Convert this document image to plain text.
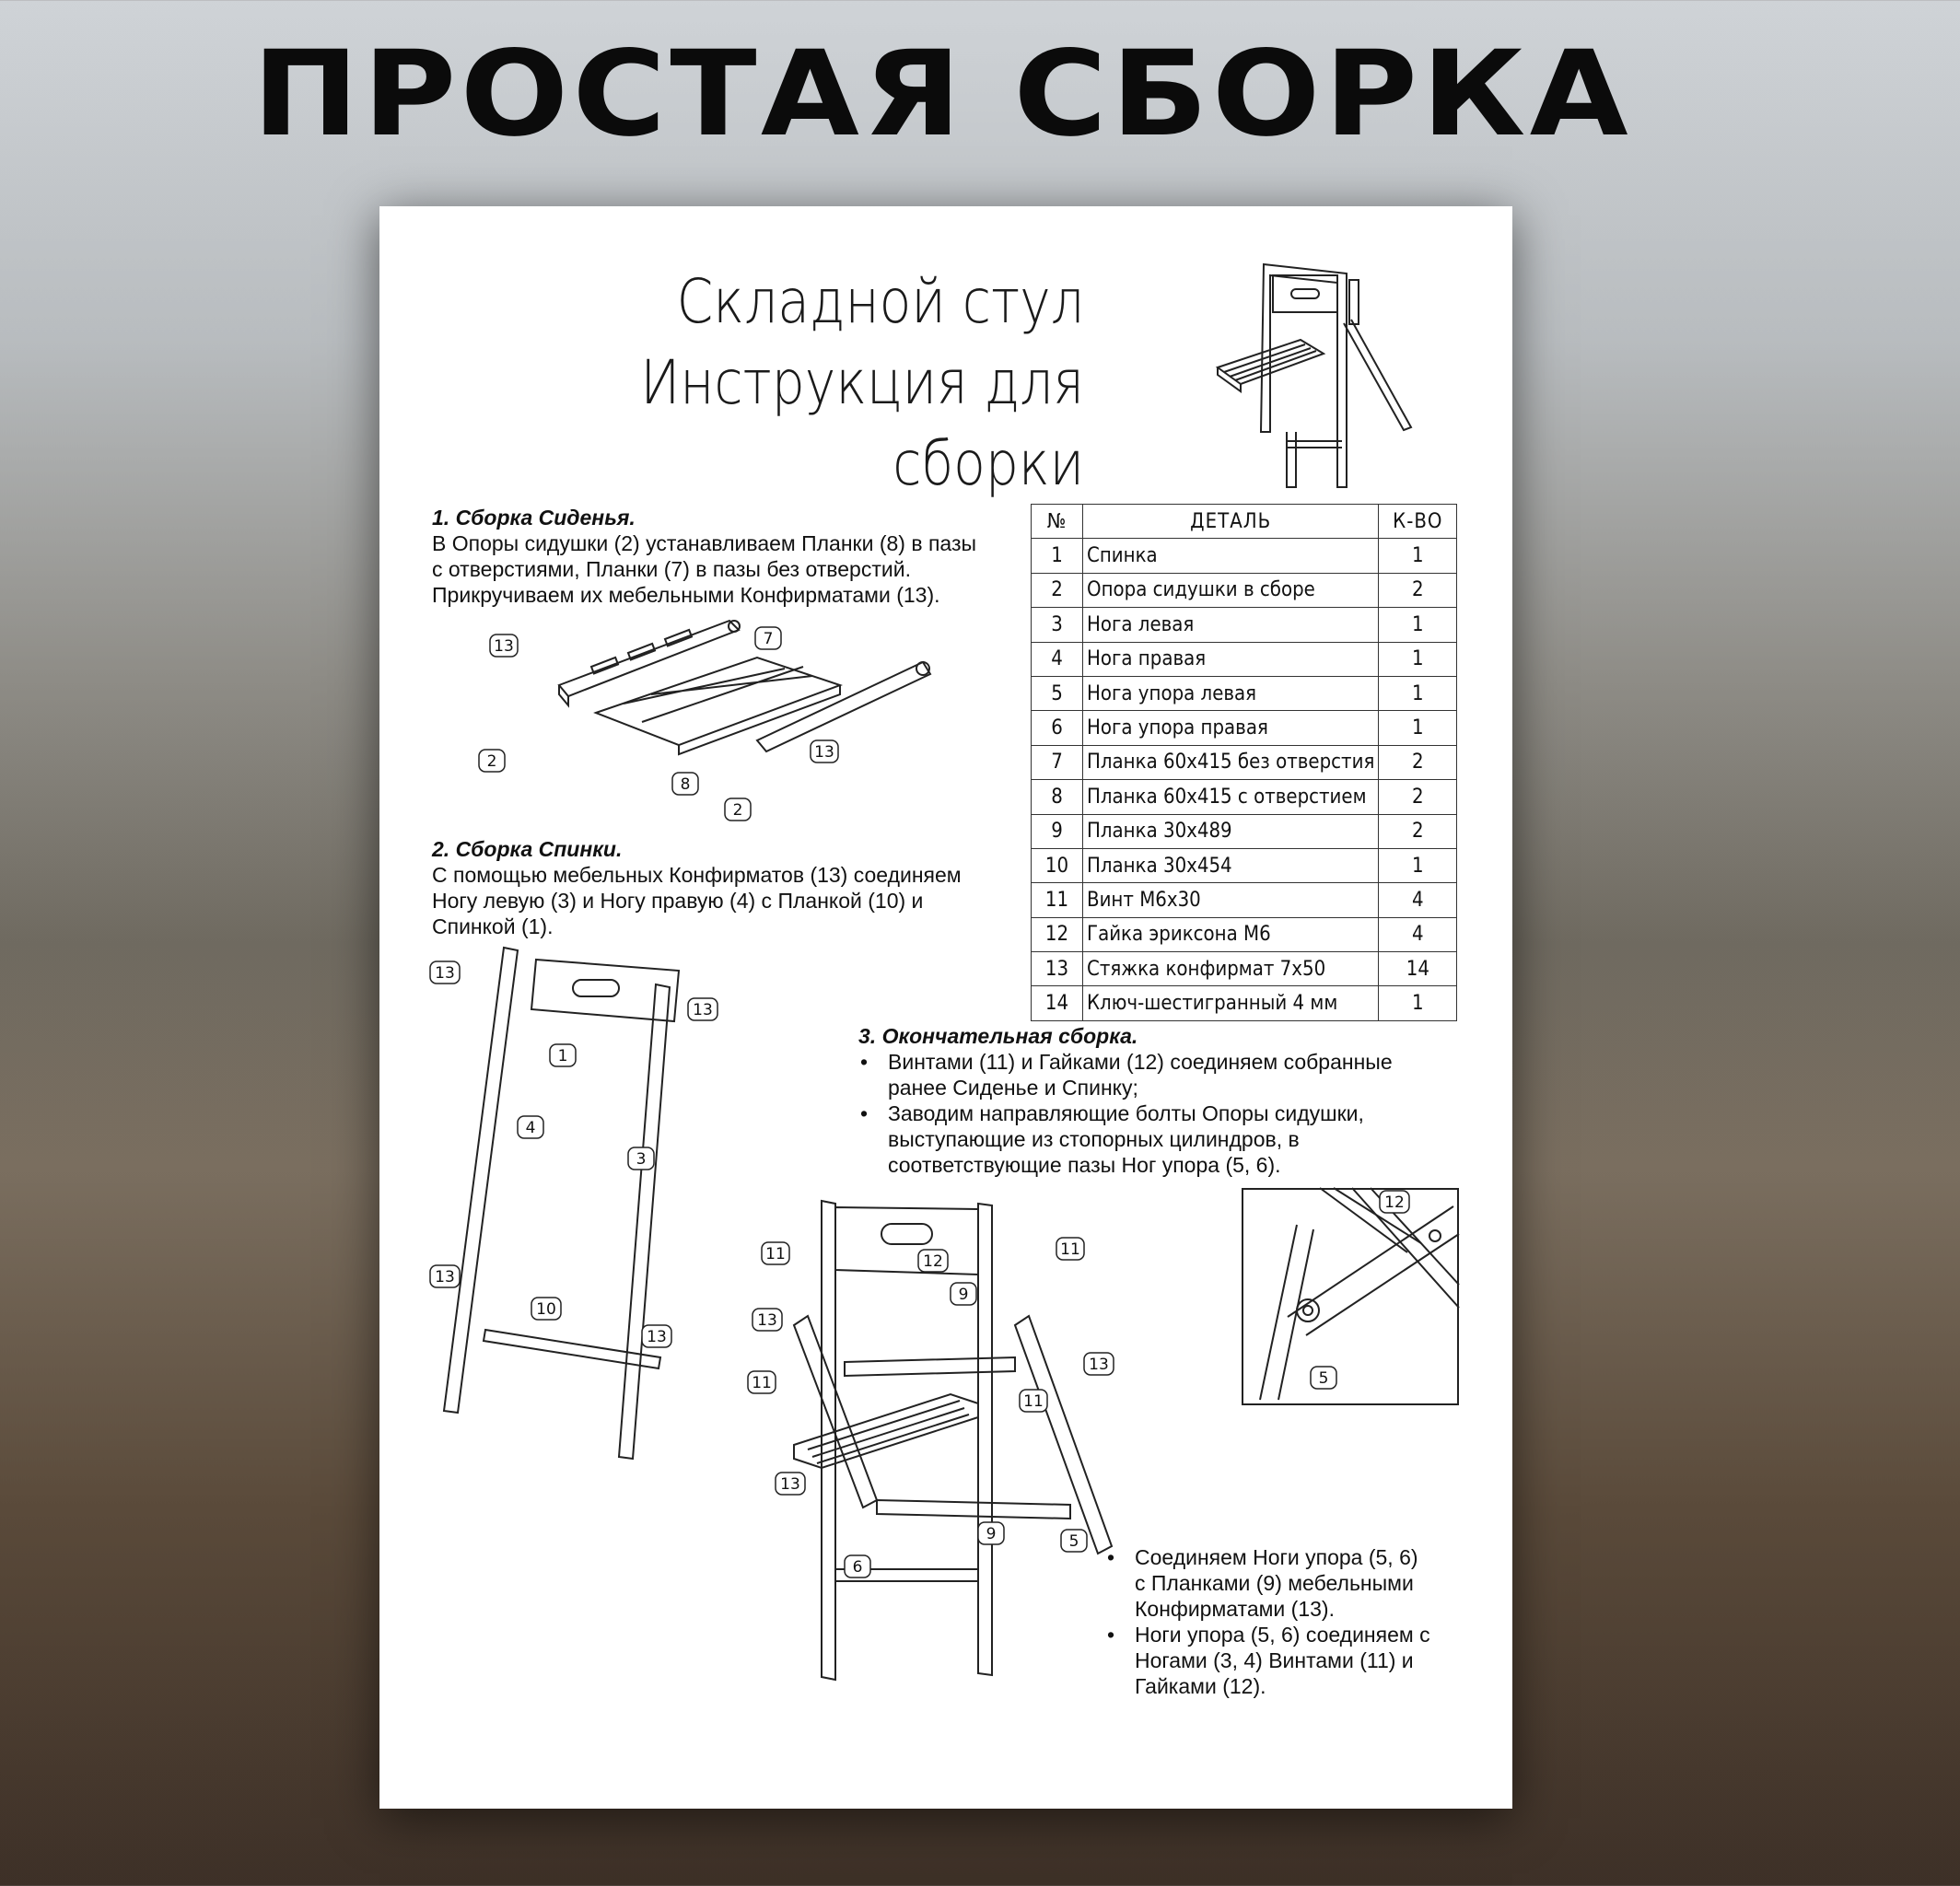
ПРОСТАЯ СБОРКА
Складной стул
Инструкция для сборки
1. Сборка Сиденья.
В Опоры сидушки (2) устанавливаем Планки (8) в пазы
с отверстиями, Планки (7) в пазы без отверстий.
Прикручиваем их мебельными Конфирматами (13).
13	7
2
8
2
13
2. Сборка Спинки.
С помощью мебельных Конфирматов (13) соединяем
Ногу левую (3) и Ногу правую (4) с Планкой (10) и
Спинкой (1).
13
1
13
4
3
13
10
13
№	ДЕТАЛЬ	К-ВО
1	Спинка	1
2	Опора сидушки в сборе	2
3	Нога левая	1
4	Нога правая	1
5	Нога упора левая	1
6	Нога упора правая	1
7	Планка 60х415 без отверстия	2
8	Планка 60х415 с отверстием	2
9	Планка 30х489	2
10	Планка 30х454	1
11	Винт М6х30	4
12	Гайка эриксона М6	4
13	Стяжка конфирмат 7х50	14
14	Ключ-шестигранный 4 мм	1
3. Окончательная сборка.
• Винтами (11) и Гайками (12) соединяем собранные
ранее Сиденье и Спинку;
• Заводим направляющие болты Опоры сидушки,
выступающие из стопорных цилиндров, в
соответствующие пазы Ног упора (5, 6).
12
5
11	12
9
11
13
11
11
13
13
6
9	5
• Соединяем Ноги упора (5, 6)
с Планками (9) мебельными
Конфирматами (13).
• Ноги упора (5, 6) соединяем с
Ногами (3, 4) Винтами (11) и
Гайками (12).
